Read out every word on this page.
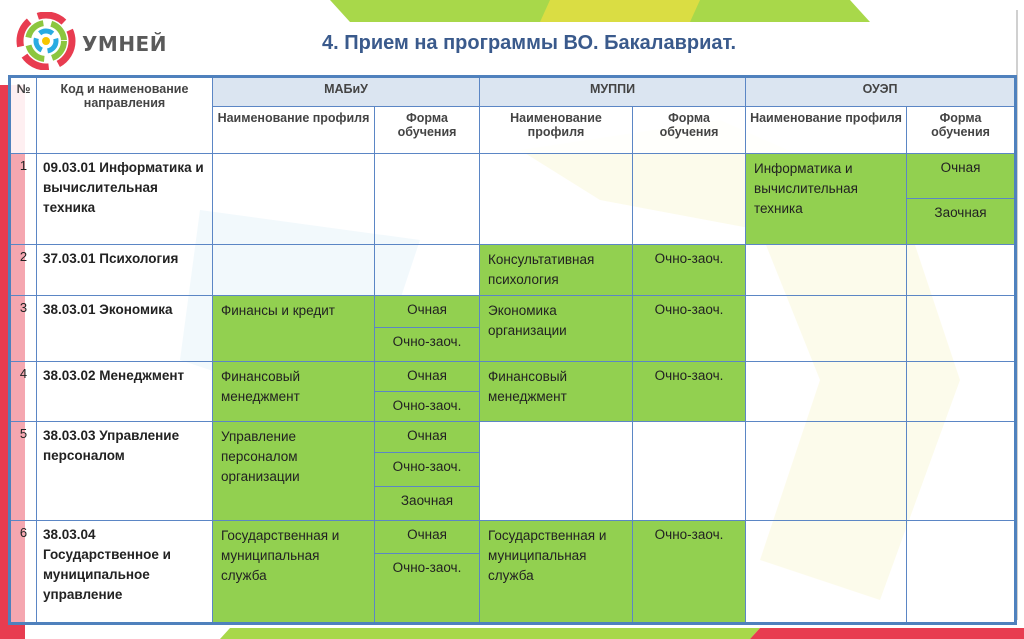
УМНЕЙ	4. Прием на программы ВО. Бакалавриат.
№	Код и наименование направления	МАБиУ		МУППИ		ОУЭП	
		Наименование профиля	Форма обучения	Наименование профиля	Форма обучения	Наименование профиля	Форма обучения
1	09.03.01 Информатика и вычислительная техника					Информатика и вычислительная техника	Очная
							Заочная
2	37.03.01 Психология			Консультативная психология	Очно-заоч.		
3	38.03.01 Экономика	Финансы и кредит	Очная	Экономика организации	Очно-заоч.		
			Очно-заоч.				
4	38.03.02 Менеджмент	Финансовый менеджмент	Очная	Финансовый менеджмент	Очно-заоч.		
			Очно-заоч.				
5	38.03.03 Управление персоналом	Управление персоналом организации	Очная				
			Очно-заоч.				
			Заочная				
6	38.03.04 Государственное и муниципальное управление	Государственная и муниципальная служба	Очная	Государственная и муниципальная служба	Очно-заоч.		
			Очно-заоч.				
